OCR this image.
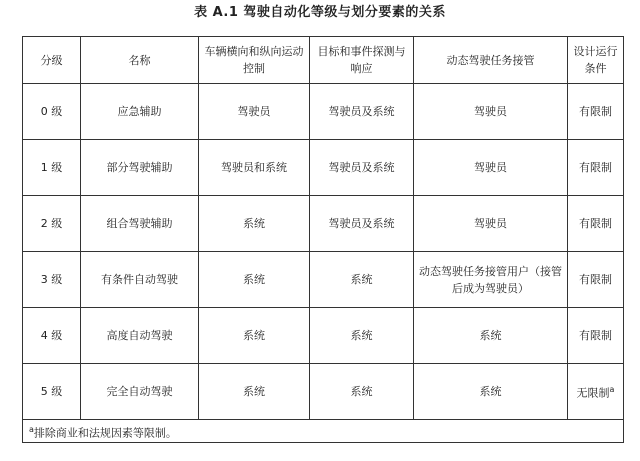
表 A.1 驾驶自动化等级与划分要素的关系
分级	名称	车辆横向和纵向运动控制	目标和事件探测与响应	动态驾驶任务接管	设计运行条件
0 级	应急辅助	驾驶员	驾驶员及系统	驾驶员	有限制
1 级	部分驾驶辅助	驾驶员和系统	驾驶员及系统	驾驶员	有限制
2 级	组合驾驶辅助	系统	驾驶员及系统	驾驶员	有限制
3 级	有条件自动驾驶	系统	系统	动态驾驶任务接管用户（接管后成为驾驶员）	有限制
4 级	高度自动驾驶	系统	系统	系统	有限制
5 级	完全自动驾驶	系统	系统	系统	无限制$^a$
$^a$排除商业和法规因素等限制。					
